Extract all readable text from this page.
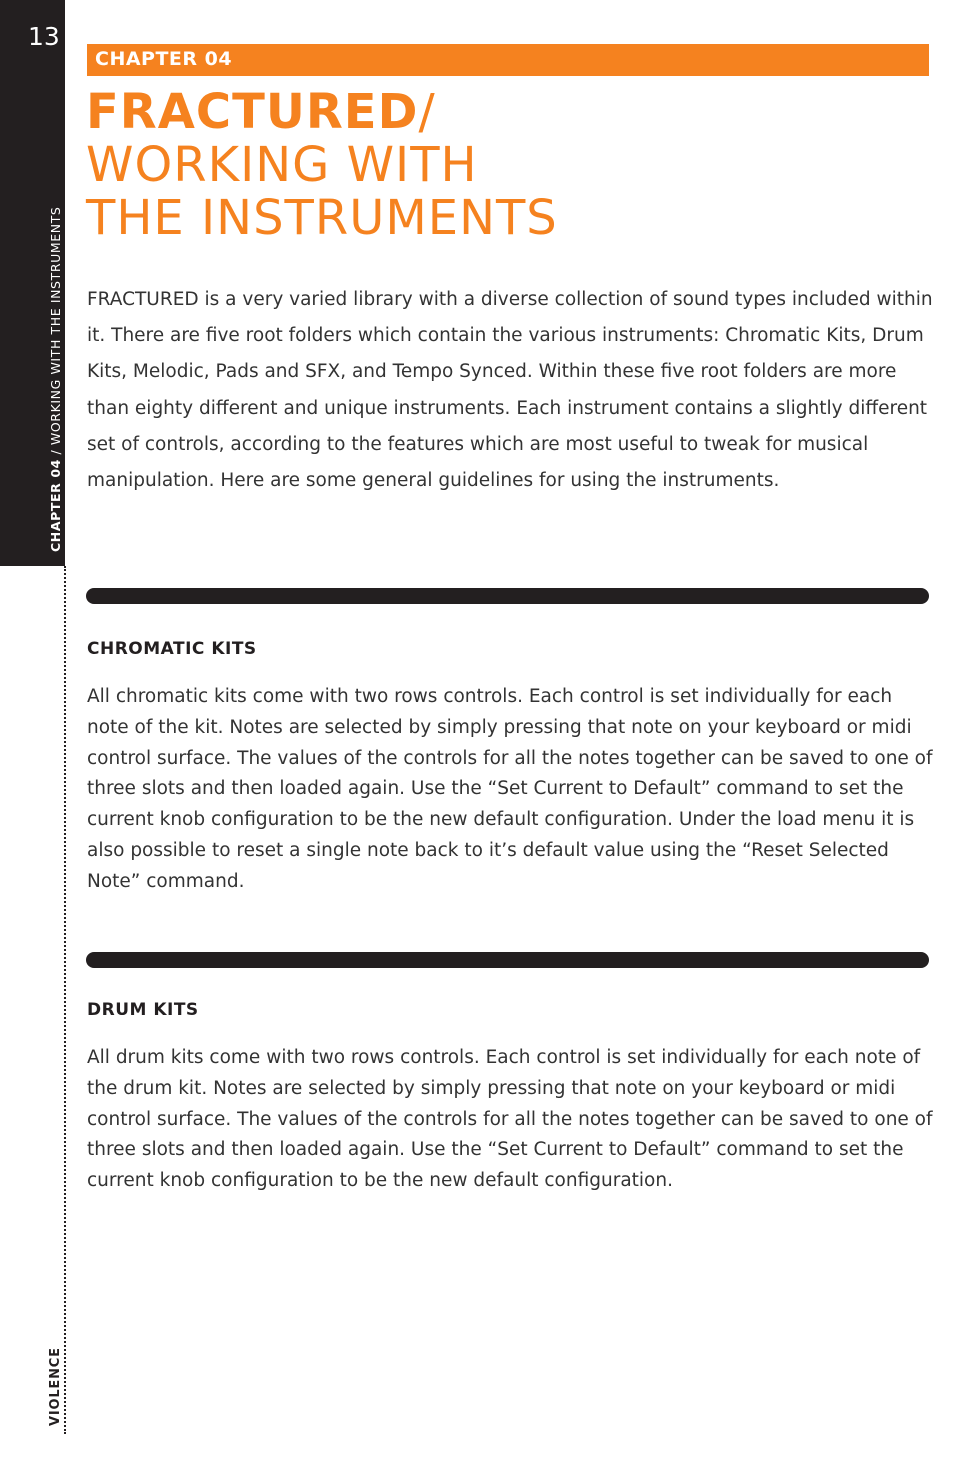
13
CHAPTER 04 / WORKING WITH THE INSTRUMENTS
VIOLENCE
CHAPTER 04
FRACTURED/
WORKING WITH
THE INSTRUMENTS

FRACTURED is a very varied library with a diverse collection of sound types included within it. There are five root folders which contain the various instruments: Chromatic Kits, Drum Kits, Melodic, Pads and SFX, and Tempo Synced. Within these five root folders are more than eighty different and unique instruments. Each instrument contains a slightly different set of controls, according to the features which are most useful to tweak for musical manipulation. Here are some general guidelines for using the instruments.

CHROMATIC KITS

All chromatic kits come with two rows controls. Each control is set individually for each note of the kit. Notes are selected by simply pressing that note on your keyboard or midi control surface. The values of the controls for all the notes together can be saved to one of three slots and then loaded again. Use the “Set Current to Default” command to set the current knob configuration to be the new default configuration. Under the load menu it is also possible to reset a single note back to it’s default value using the “Reset Selected Note” command.

DRUM KITS

All drum kits come with two rows controls. Each control is set individually for each note of the drum kit. Notes are selected by simply pressing that note on your keyboard or midi control surface. The values of the controls for all the notes together can be saved to one of three slots and then loaded again. Use the “Set Current to Default” command to set the current knob configuration to be the new default configuration.
